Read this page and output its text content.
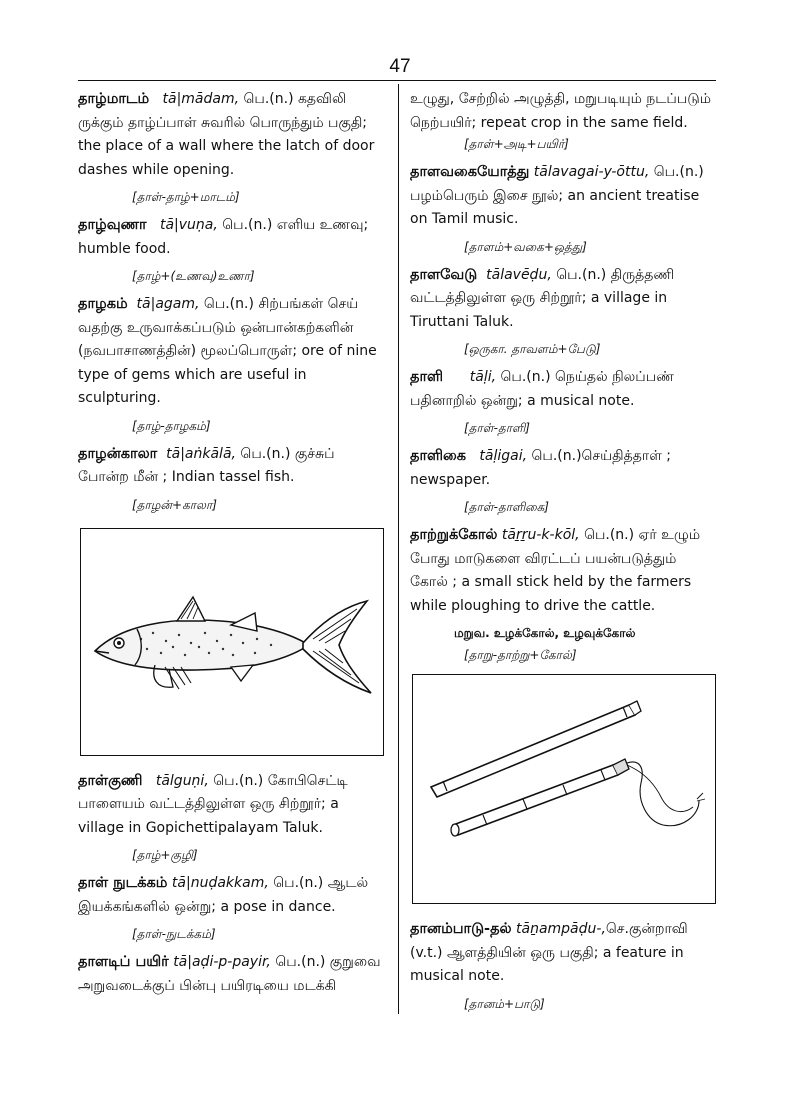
47
தாழ்மாடம் tā|mādam, பெ.(n.) கதவிலி
ருக்கும் தாழ்ப்பாள் சுவரில் பொருந்தும் பகுதி;
the place of a wall where the latch of door
dashes while opening.
[தாள்-தாழ்+மாடம்]
தாழ்வுணா tā|vuṇa, பெ.(n.) எளிய உணவு;
humble food.
[தாழ்+(உணவு)உணா]
தாழகம் tā|agam, பெ.(n.) சிற்பங்கள் செய்
வதற்கு உருவாக்கப்படும் ஒன்பான்கற்களின்
(நவபாசாணத்தின்) மூலப்பொருள்; ore of nine
type of gems which are useful in
sculpturing.
[தாழ்-தாழகம்]
தாழன்காலா tā|aṅkālā, பெ.(n.) குச்சுப்
போன்ற மீன் ; Indian tassel fish.
[தாழன்+காலா]
தாள்குணி tālguṇi, பெ.(n.) கோபிசெட்டி
பாளையம் வட்டத்திலுள்ள ஒரு சிற்றூர்; a
village in Gopichettipalayam Taluk.
[தாழ்+குழி]
தாள் நுடக்கம் tā|nuḍakkam, பெ.(n.) ஆடல்
இயக்கங்களில் ஒன்று; a pose in dance.
[தாள்-நுடக்கம்]
தாளடிப் பயிர் tā|aḍi-p-payir, பெ.(n.) குறுவை
அறுவடைக்குப் பின்பு பயிரடியை மடக்கி
உழுது, சேற்றில் அழுத்தி, மறுபடியும் நடப்படும்
நெற்பயிர்; repeat crop in the same field.
[தாள்+அடி+பயிர்]
தாளவகையோத்து tālavagai-y-ōttu, பெ.(n.)
பழம்பெரும் இசை நூல்; an ancient treatise
on Tamil music.
[தாளம்+வகை+ஒத்து]
தாளவேடு tālavēḍu, பெ.(n.) திருத்தணி
வட்டத்திலுள்ள ஒரு சிற்றூர்; a village in
Tiruttani Taluk.
[ஒருகா. தாவளம்+பேடு]
தாளி tāḷi, பெ.(n.) நெய்தல் நிலப்பண்
பதினாறில் ஒன்று; a musical note.
[தாள்-தாளி]
தாளிகை tāḷigai, பெ.(n.)செய்தித்தாள் ;
newspaper.
[தாள்-தாளிகை]
தாற்றுக்கோல் tāṟṟu-k-kōl, பெ.(n.) ஏர் உழும்
போது மாடுகளை விரட்டப் பயன்படுத்தும்
கோல் ; a small stick held by the farmers
while ploughing to drive the cattle.
மறுவ. உழக்கோல், உழவுக்கோல்
[தாறு-தாற்று+கோல்]
தானம்பாடு-தல் tāṉampāḍu-,செ.குன்றாவி
(v.t.) ஆளத்தியின் ஒரு பகுதி; a feature in
musical note.
[தானம்+பாடு]
